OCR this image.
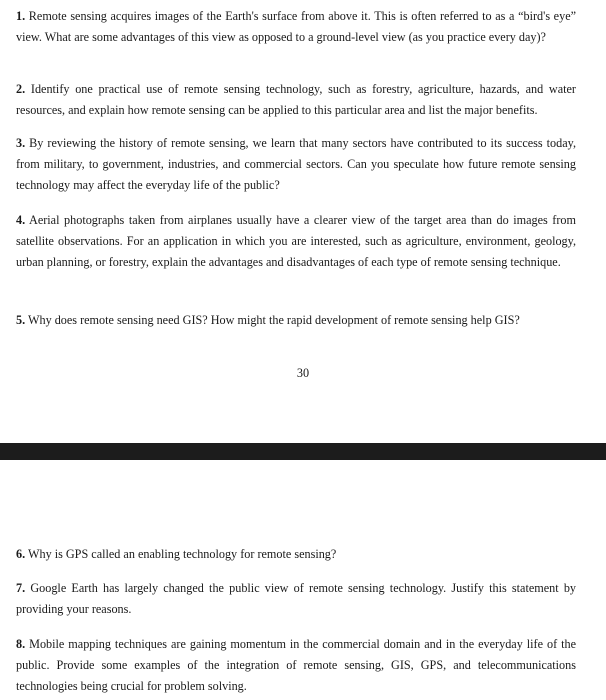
1. Remote sensing acquires images of the Earth's surface from above it. This is often referred to as a “bird's eye” view. What are some advantages of this view as opposed to a ground-level view (as you practice every day)?

2. Identify one practical use of remote sensing technology, such as forestry, agriculture, hazards, and water resources, and explain how remote sensing can be applied to this particular area and list the major benefits.

3. By reviewing the history of remote sensing, we learn that many sectors have contributed to its success today, from military, to government, industries, and commercial sectors. Can you speculate how future remote sensing technology may affect the everyday life of the public?

4. Aerial photographs taken from airplanes usually have a clearer view of the target area than do images from satellite observations. For an application in which you are interested, such as agriculture, environment, geology, urban planning, or forestry, explain the advantages and disadvantages of each type of remote sensing technique.

5. Why does remote sensing need GIS? How might the rapid development of remote sensing help GIS?

30

6. Why is GPS called an enabling technology for remote sensing?

7. Google Earth has largely changed the public view of remote sensing technology. Justify this statement by providing your reasons.

8. Mobile mapping techniques are gaining momentum in the commercial domain and in the everyday life of the public. Provide some examples of the integration of remote sensing, GIS, GPS, and telecommunications technologies being crucial for problem solving.
